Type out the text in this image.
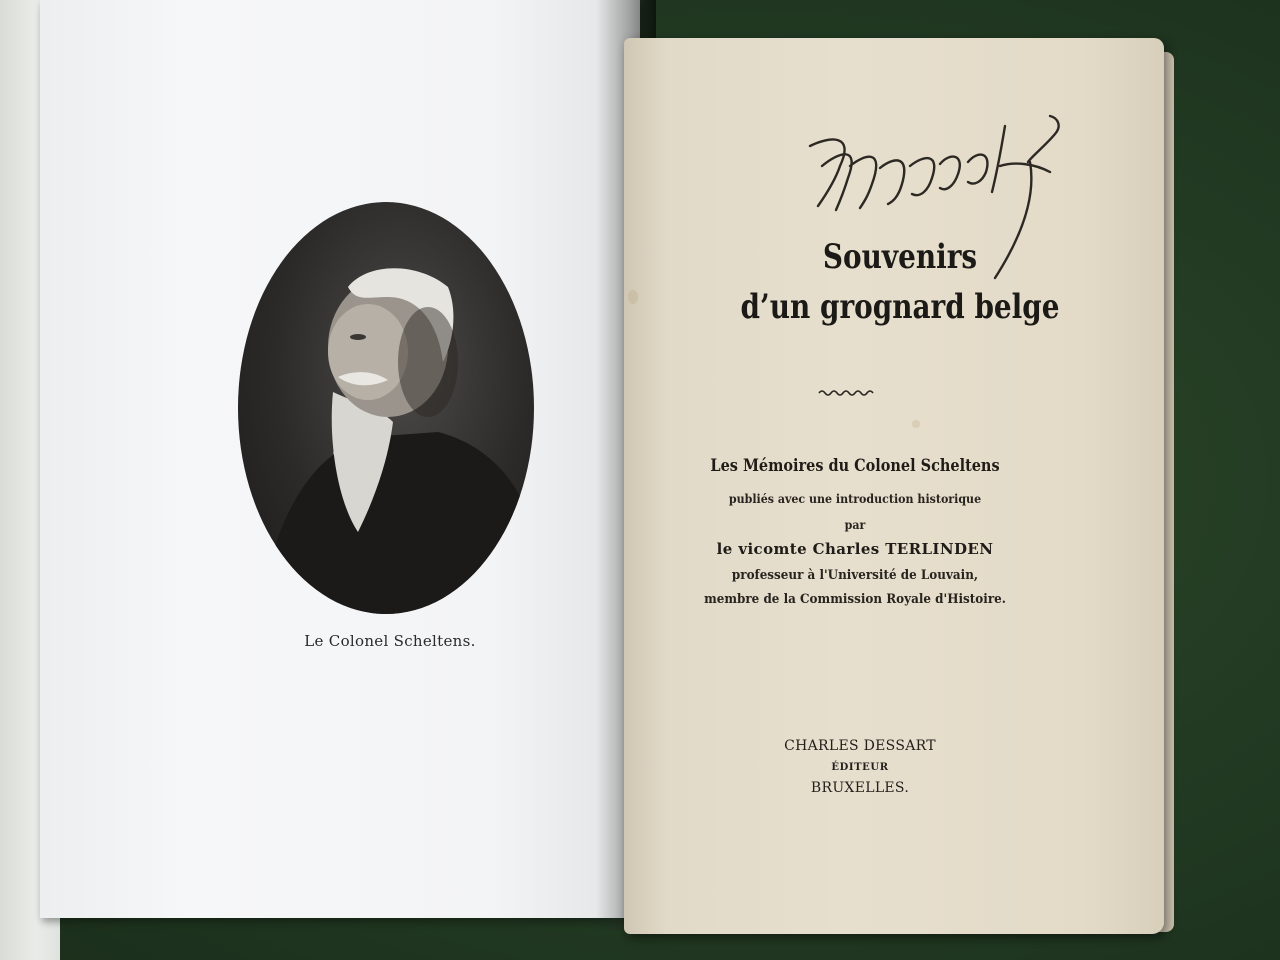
Le Colonel Scheltens.
Souvenirs
d’un grognard belge
Les Mémoires du Colonel Scheltens
publiés avec une introduction historique
par
le vicomte Charles TERLINDEN
professeur à l'Université de Louvain,
membre de la Commission Royale d'Histoire.
CHARLES DESSART
ÉDITEUR
BRUXELLES.
